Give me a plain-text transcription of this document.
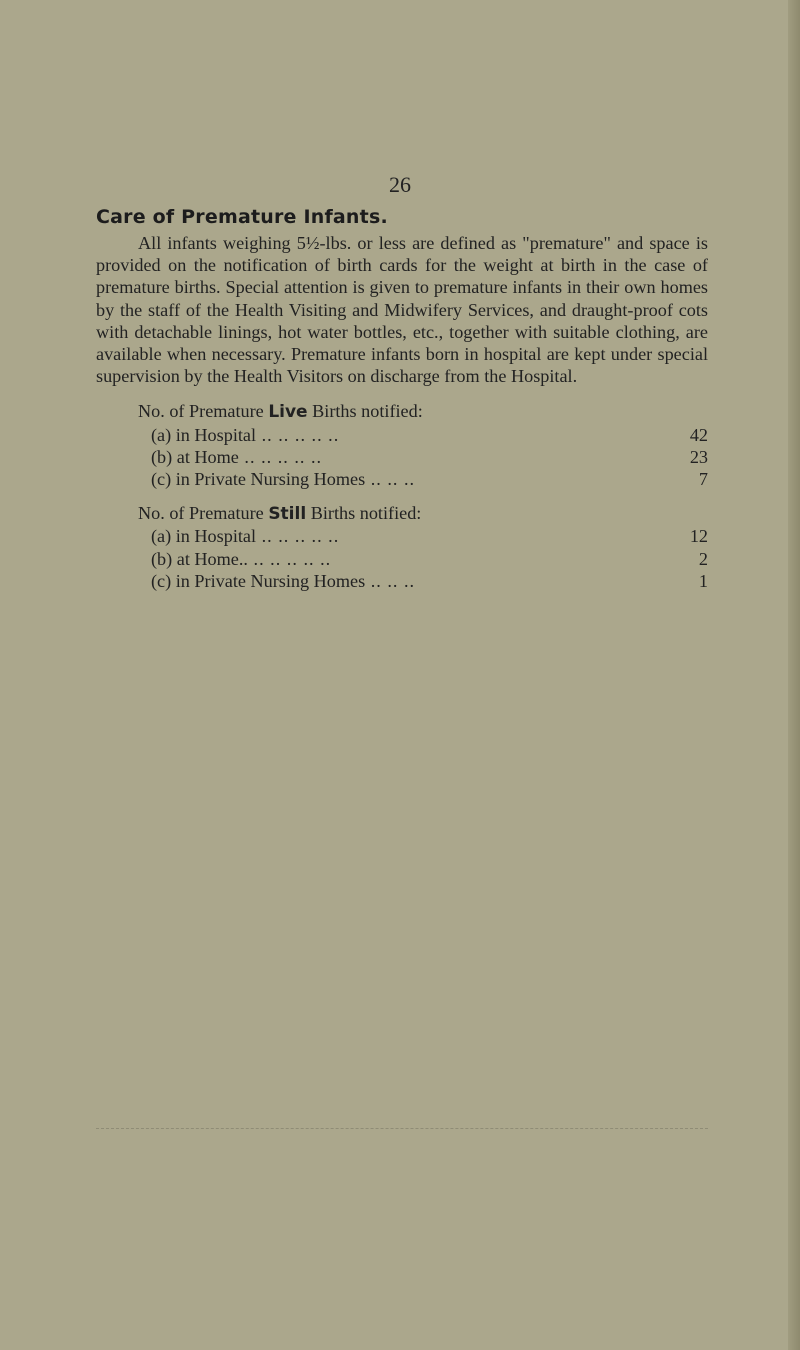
26
Care of Premature Infants.

All infants weighing 5½-lbs. or less are defined as "premature" and space is provided on the notification of birth cards for the weight at birth in the case of premature births. Special attention is given to premature infants in their own homes by the staff of the Health Visiting and Midwifery Services, and draught-proof cots with detachable linings, hot water bottles, etc., together with suitable clothing, are available when necessary. Premature infants born in hospital are kept under special supervision by the Health Visitors on discharge from the Hospital.

No. of Premature Live Births notified:
(a) in Hospital .. .. .. .. ..	42
(b) at Home .. .. .. .. ..	23
(c) in Private Nursing Homes .. .. ..	7
No. of Premature Still Births notified:
(a) in Hospital .. .. .. .. ..	12
(b) at Home.. .. .. .. .. ..	2
(c) in Private Nursing Homes .. .. ..	1
